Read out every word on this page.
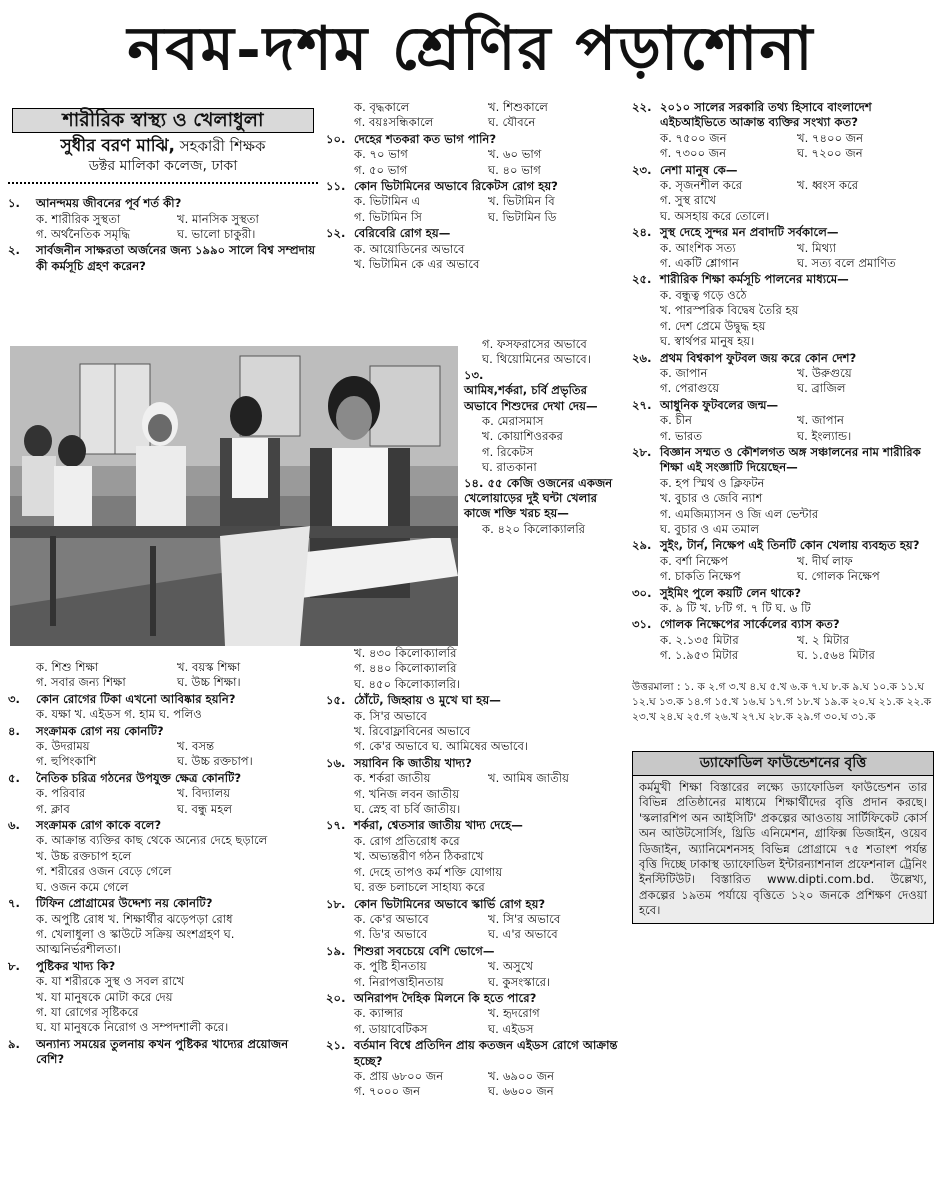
নবম-দশম শ্রেণির পড়াশোনা
শারীরিক স্বাস্থ্য ও খেলাধুলা
সুধীর বরণ মাঝি, সহকারী শিক্ষক
ডক্টর মালিকা কলেজ, ঢাকা
১.	আনন্দময় জীবনের পূর্ব শর্ত কী?
ক. শারীরিক সুস্থতা	খ. মানসিক সুস্থতা
গ. অর্থনৈতিক সমৃদ্ধি	ঘ. ভালো চাকুরী।
২.	সার্বজনীন সাক্ষরতা অর্জনের জন্য ১৯৯০ সালে বিশ্ব সম্প্রদায় কী কর্মসূচি গ্রহণ করেন?
গ. ফসফরাসের অভাবে
ঘ. থিয়োমিনের অভাবে।
১৩.
আমিষ,শর্করা, চর্বি প্রভৃতির অভাবে শিশুদের দেখা দেয়—
ক. মেরাসমাস
খ. কোয়াশিওরকর
গ. রিকেটস
ঘ. রাতকানা
১৪. ৫৫ কেজি ওজনের একজন খেলোয়াড়ের দুই ঘন্টা খেলার কাজে শক্তি খরচ হয়—
ক. ৪২০ কিলোক্যালরি
ক. শিশু শিক্ষা	খ. বয়স্ক শিক্ষা
গ. সবার জন্য শিক্ষা	ঘ. উচ্চ শিক্ষা।
৩.	কোন রোগের টিকা এখনো আবিষ্কার হয়নি?
ক. যক্ষা খ. এইডস গ. হাম ঘ. পলিও
৪.	সংক্রামক রোগ নয় কোনটি?
ক. উদরাময়	খ. বসন্ত
গ. হুপিংকাশি	ঘ. উচ্চ রক্তচাপ।
৫.	নৈতিক চরিত্র গঠনের উপযুক্ত ক্ষেত্র কোনটি?
ক. পরিবার	খ. বিদ্যালয়
গ. ক্লাব	ঘ. বন্ধু মহল
৬.	সংক্রামক রোগ কাকে বলে?
ক. আক্রান্ত ব্যক্তির কাছ থেকে অন্যের দেহে ছড়ালে
খ. উচ্চ রক্তচাপ হলে
গ. শরীরের ওজন বেড়ে গেলে
ঘ. ওজন কমে গেলে
৭.	টিফিন প্রোগ্রামের উদ্দেশ্য নয় কোনটি?
ক. অপুষ্টি রোধ খ. শিক্ষার্থীর ঝড়েপড়া রোধ
গ. খেলাধুলা ও স্কাউটে সক্রিয় অংশগ্রহণ ঘ. আত্মনির্ভরশীলতা।
৮.	পুষ্টিকর খাদ্য কি?
ক. যা শরীরকে সুস্থ ও সবল রাখে
খ. যা মানুষকে মোটা করে দেয়
গ. যা রোগের সৃষ্টিকরে
ঘ. যা মানুষকে নিরোগ ও সম্পদশালী করে।
৯.	অন্যান্য সময়ের তুলনায় কখন পুষ্টিকর খাদ্যের প্রয়োজন বেশি?
ক. বৃদ্ধকালে	খ. শিশুকালে
গ. বয়ঃসন্ধিকালে	ঘ. যৌবনে
১০. দেহের শতকরা কত ভাগ পানি?
ক. ৭০ ভাগ	খ. ৬০ ভাগ
গ. ৫০ ভাগ	ঘ. ৪০ ভাগ
১১. কোন ভিটামিনের অভাবে রিকেটস রোগ হয়?
ক. ভিটামিন এ	খ. ভিটামিন বি
গ. ভিটামিন সি	ঘ. ভিটামিন ডি
১২. বেরিবেরি রোগ হয়—
ক. আয়োডিনের অভাবে
খ. ভিটামিন কে এর অভাবে
খ. ৪৩০ কিলোক্যালরি
গ. ৪৪০ কিলোক্যালরি
ঘ. ৪৫০ কিলোক্যালরি।
১৫. ঠোঁটে, জিহ্বায় ও মুখে ঘা হয়—
ক. সি'র অভাবে
খ. রিবোফ্লাবিনের অভাবে
গ. কে'র অভাবে ঘ. আমিষের অভাবে।
১৬. সয়াবিন কি জাতীয় খাদ্য?
ক. শর্করা জাতীয়	খ. আমিষ জাতীয়
গ. খনিজ লবন জাতীয়
ঘ. স্নেহ বা চর্বি জাতীয়।
১৭. শর্করা, শ্বেতসার জাতীয় খাদ্য দেহে—
ক. রোগ প্রতিরোধ করে
খ. অভ্যন্তরীণ গঠন ঠিকরাখে
গ. দেহে তাপও কর্ম শক্তি যোগায়
ঘ. রক্ত চলাচলে সাহায্য করে
১৮. কোন ভিটামিনের অভাবে স্কার্ভি রোগ হয়?
ক. কে'র অভাবে	খ. সি'র অভাবে
গ. ডি'র অভাবে	ঘ. এ'র অভাবে
১৯. শিশুরা সবচেয়ে বেশি ভোগে—
ক. পুষ্টি হীনতায়	খ. অসুখে
গ. নিরাপত্তাহীনতায়	ঘ. কুসংস্কারে।
২০. অনিরাপদ দৈহিক মিলনে কি হতে পারে?
ক. ক্যান্সার	খ. হৃদরোগ
গ. ডায়াবেটিকস	ঘ. এইডস
২১. বর্তমান বিশ্বে প্রতিদিন প্রায় কতজন এইডস রোগে আক্রান্ত হচ্ছে?
ক. প্রায় ৬৮০০ জন	খ. ৬৯০০ জন
গ. ৭০০০ জন	ঘ. ৬৬০০ জন
২২. ২০১০ সালের সরকারি তথ্য হিসাবে বাংলাদেশ এইচআইভিতে আক্রান্ত ব্যক্তির সংখ্যা কত?
ক. ৭৫০০ জন	খ. ৭৪০০ জন
গ. ৭৩০০ জন	ঘ. ৭২০০ জন
২৩. নেশা মানুষ কে—
ক. সৃজনশীল করে	খ. ধ্বংস করে
গ. সুস্থ রাখে
ঘ. অসহায় করে তোলে।
২৪. সুস্থ দেহে সুন্দর মন প্রবাদটি সর্বকালে—
ক. আংশিক সত্য	খ. মিথ্যা
গ. একটি শ্লোগান	ঘ. সত্য বলে প্রমাণিত
২৫. শারীরিক শিক্ষা কর্মসূচি পালনের মাধ্যমে—
ক. বন্ধুত্ব গড়ে ওঠে
খ. পারস্পরিক বিদ্বেষ তৈরি হয়
গ. দেশ প্রেমে উদ্বুদ্ধ হয়
ঘ. স্বার্থপর মানুষ হয়।
২৬. প্রথম বিশ্বকাপ ফুটবল জয় করে কোন দেশ?
ক. জাপান	খ. উরুগুয়ে
গ. পেরাগুয়ে	ঘ. ব্রাজিল
২৭. আধুনিক ফুটবলের জন্ম—
ক. চীন	খ. জাপান
গ. ভারত	ঘ. ইংল্যান্ড।
২৮. বিজ্ঞান সম্মত ও কৌশলগত অঙ্গ সঞ্চালনের নাম শারীরিক শিক্ষা এই সংজ্ঞাটি দিয়েছেন—
ক. হপ স্মিথ ও ক্লিফটন
খ. বুচার ও জেবি ন্যাশ
গ. এমজিম্যাসন ও জি এল ভেন্টার
ঘ. বুচার ও এম তমাল
২৯. সুইং, টার্ন, নিক্ষেপ এই তিনটি কোন খেলায় ব্যবহৃত হয়?
ক. বর্শা নিক্ষেপ	খ. দীর্ঘ লাফ
গ. চাকতি নিক্ষেপ	ঘ. গোলক নিক্ষেপ
৩০. সুইমিং পুলে কয়টি লেন থাকে?
ক. ৯ টি খ. ৮টি গ. ৭ টি ঘ. ৬ টি
৩১. গোলক নিক্ষেপের সার্কেলের ব্যাস কত?
ক. ২.১৩৫ মিটার	খ. ২ মিটার
গ. ১.৯৫৩ মিটার	ঘ. ১.৫৬৪ মিটার
উত্তরমালা : ১. ক ২.গ ৩.খ ৪.ঘ ৫.খ ৬.ক ৭.ঘ ৮.ক ৯.ঘ ১০.ক ১১.ঘ ১২.ঘ ১৩.ক ১৪.গ ১৫.খ ১৬.ঘ ১৭.গ ১৮.খ ১৯.ক ২০.ঘ ২১.ক ২২.ক ২৩.খ ২৪.ঘ ২৫.গ ২৬.খ ২৭.ঘ ২৮.ক ২৯.গ ৩০.ঘ ৩১.ক
ড্যাফোডিল ফাউন্ডেশনের বৃত্তি
কর্মমুখী শিক্ষা বিস্তারের লক্ষ্যে ড্যাফোডিল ফাউন্ডেশন তার বিভিন্ন প্রতিষ্ঠানের মাধ্যমে শিক্ষার্থীদের বৃত্তি প্রদান করছে। 'স্কলারশিপ অন আইসিটি' প্রকল্পের আওতায় সার্টিফিকেট কোর্স অন আউটসোর্সিং, থ্রিডি এনিমেশন, গ্রাফিক্স ডিজাইন, ওয়েব ডিজাইন, অ্যানিমেশনসহ বিভিন্ন প্রোগ্রামে ৭৫ শতাংশ পর্যন্ত বৃত্তি দিচ্ছে ঢাকাস্থ ড্যাফোডিল ইন্টারন্যাশনাল প্রফেশনাল ট্রেনিং ইনস্টিটিউট। বিস্তারিত www.dipti.com.bd. উল্লেখ্য, প্রকল্পের ১৯তম পর্যায়ে বৃত্তিতে ১২০ জনকে প্রশিক্ষণ দেওয়া হবে।
